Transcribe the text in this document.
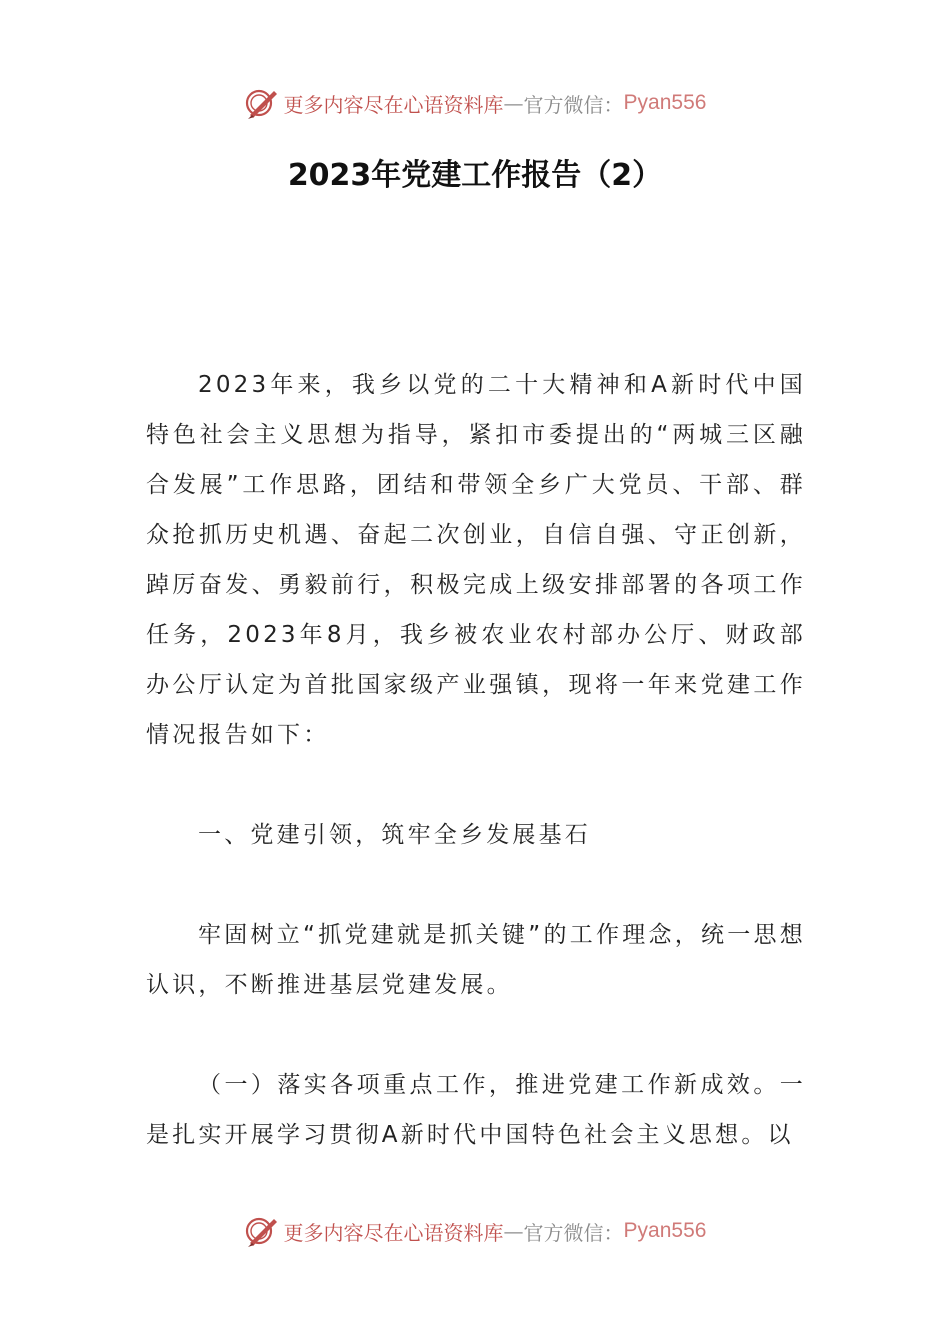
更多内容尽在心语资料库 — 官方微信： Pyan556
2023年党建工作报告（2）

2023年来，我乡以党的二十大精神和A新时代中国特色社会主义思想为指导，紧扣市委提出的“两城三区融合发展”工作思路，团结和带领全乡广大党员、干部、群众抢抓历史机遇、奋起二次创业，自信自强、守正创新，踔厉奋发、勇毅前行，积极完成上级安排部署的各项工作任务，2023年8月，我乡被农业农村部办公厅、财政部办公厅认定为首批国家级产业强镇，现将一年来党建工作情况报告如下：

一、党建引领，筑牢全乡发展基石

牢固树立“抓党建就是抓关键”的工作理念，统一思想认识，不断推进基层党建发展。

（一）落实各项重点工作，推进党建工作新成效。一是扎实开展学习贯彻A新时代中国特色社会主义思想。以

更多内容尽在心语资料库 — 官方微信： Pyan556
